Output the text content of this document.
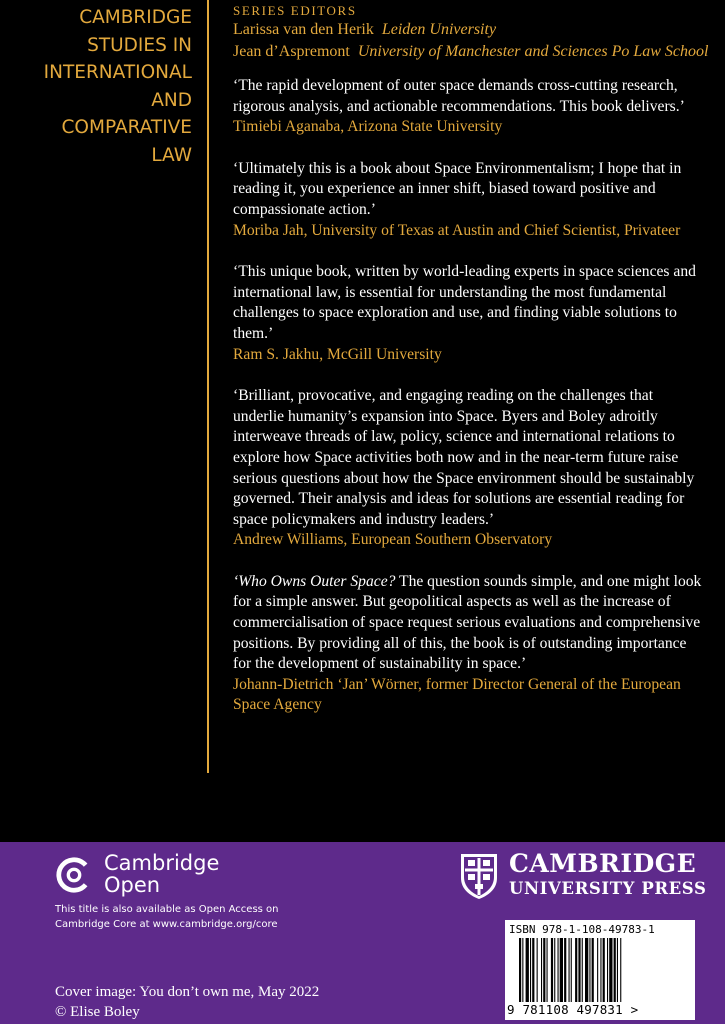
CAMBRIDGE
STUDIES IN
INTERNATIONAL
AND
COMPARATIVE
LAW
SERIES EDITORS
Larissa van den Herik Leiden University
Jean d’Aspremont University of Manchester and Sciences Po Law School
‘The rapid development of outer space demands cross-cutting research, rigorous analysis, and actionable recommendations. This book delivers.’
Timiebi Aganaba, Arizona State University
‘Ultimately this is a book about Space Environmentalism; I hope that in reading it, you experience an inner shift, biased toward positive and compassionate action.’
Moriba Jah, University of Texas at Austin and Chief Scientist, Privateer
‘This unique book, written by world-leading experts in space sciences and international law, is essential for understanding the most fundamental challenges to space exploration and use, and finding viable solutions to them.’
Ram S. Jakhu, McGill University
‘Brilliant, provocative, and engaging reading on the challenges that underlie humanity’s expansion into Space. Byers and Boley adroitly interweave threads of law, policy, science and international relations to explore how Space activities both now and in the near-term future raise serious questions about how the Space environment should be sustainably governed. Their analysis and ideas for solutions are essential reading for space policymakers and industry leaders.’
Andrew Williams, European Southern Observatory
‘Who Owns Outer Space? The question sounds simple, and one might look for a simple answer. But geopolitical aspects as well as the increase of commercialisation of space request serious evaluations and comprehensive positions. By providing all of this, the book is of outstanding importance for the development of sustainability in space.’
Johann-Dietrich ‘Jan’ Wörner, former Director General of the European Space Agency
Cambridge
Open
This title is also available as Open Access on
Cambridge Core at www.cambridge.org/core
CAMBRIDGE
UNIVERSITY PRESS
ISBN 978-1-108-49783-1
9 781108 497831 >
Cover image: You don’t own me, May 2022
© Elise Boley
